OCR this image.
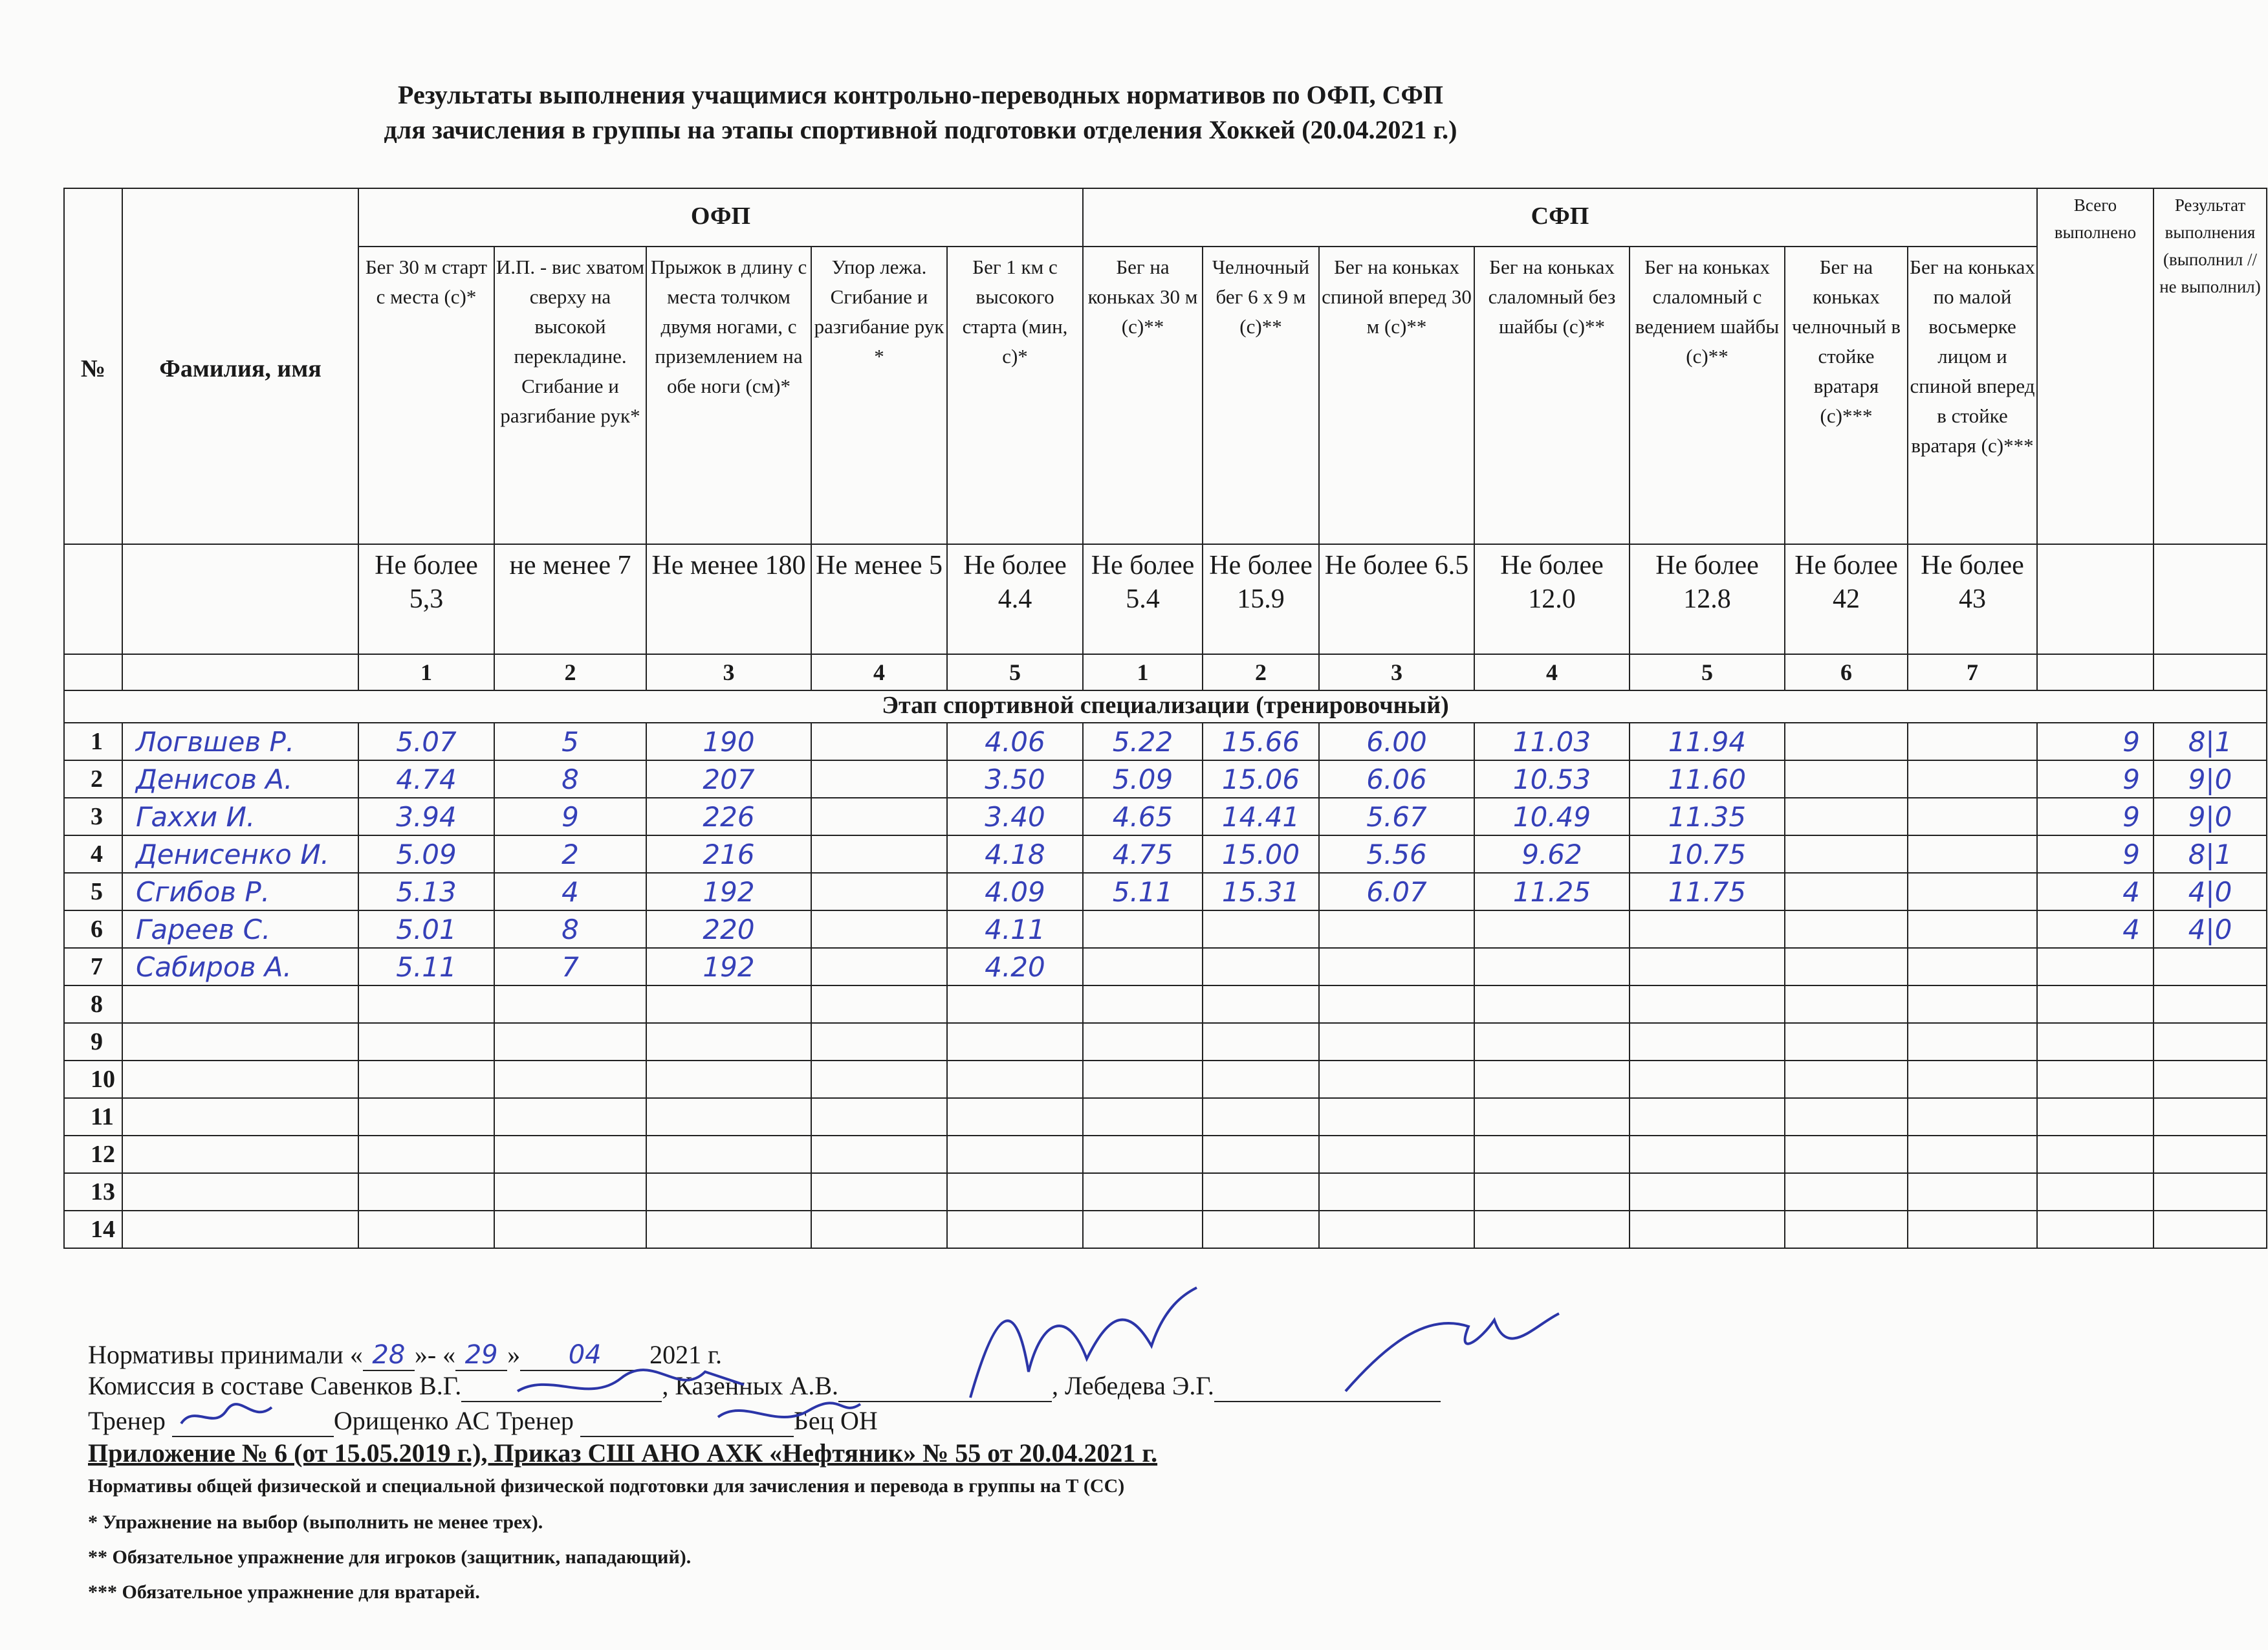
Результаты выполнения учащимися контрольно-переводных нормативов по ОФП, СФП
для зачисления в группы на этапы спортивной подготовки отделения Хоккей (20.04.2021 г.)
№	Фамилия, имя	ОФП					СФП							Всего выполнено	Результат выполнения (выполнил // не выполнил)
		Бег 30 м старт с места (с)*	И.П. - вис хватом сверху на высокой перекладине. Сгибание и разгибание рук*	Прыжок в длину с места толчком двумя ногами, с приземлением на обе ноги (см)*	Упор лежа. Сгибание и разгибание рук *	Бег 1 км с высокого старта (мин, с)*	Бег на коньках 30 м (с)**	Челночный бег 6 х 9 м (с)**	Бег на коньках спиной вперед 30 м (с)**	Бег на коньках слаломный без шайбы (с)**	Бег на коньках слаломный с ведением шайбы (с)**	Бег на коньках челночный в стойке вратаря (с)***	Бег на коньках по малой восьмерке лицом и спиной вперед в стойке вратаря (с)***		
		Не более 5,3	не менее 7	Не менее 180	Не менее 5	Не более 4.4	Не более 5.4	Не более 15.9	Не более 6.5	Не более 12.0	Не более 12.8	Не более 42	Не более 43		
		1	2	3	4	5	1	2	3	4	5	6	7		
Этап спортивной специализации (тренировочный)															
1	Логвшев Р.	5.07	5	190		4.06	5.22	15.66	6.00	11.03	11.94			9	8|1
2	Денисов А.	4.74	8	207		3.50	5.09	15.06	6.06	10.53	11.60			9	9|0
3	Гаххи И.	3.94	9	226		3.40	4.65	14.41	5.67	10.49	11.35			9	9|0
4	Денисенко И.	5.09	2	216		4.18	4.75	15.00	5.56	9.62	10.75			9	8|1
5	Сгибов Р.	5.13	4	192		4.09	5.11	15.31	6.07	11.25	11.75			4	4|0
6	Гареев С.	5.01	8	220		4.11								4	4|0
7	Сабиров А.	5.11	7	192		4.20									
8															
9															
10															
11															
12															
13															
14															
Нормативы принимали « 28 »- « 29 » 04 2021 г.
Комиссия в составе Савенков В.Г.	, Казенных А.В.	, Лебедева Э.Г.
Тренер	Орищенко АС Тренер	Бец ОН
Приложение № 6 (от 15.05.2019 г.), Приказ СШ АНО АХК «Нефтяник» № 55 от 20.04.2021 г.
Нормативы общей физической и специальной физической подготовки для зачисления и перевода в группы на Т (СС)
* Упражнение на выбор (выполнить не менее трех).
** Обязательное упражнение для игроков (защитник, нападающий).
*** Обязательное упражнение для вратарей.
